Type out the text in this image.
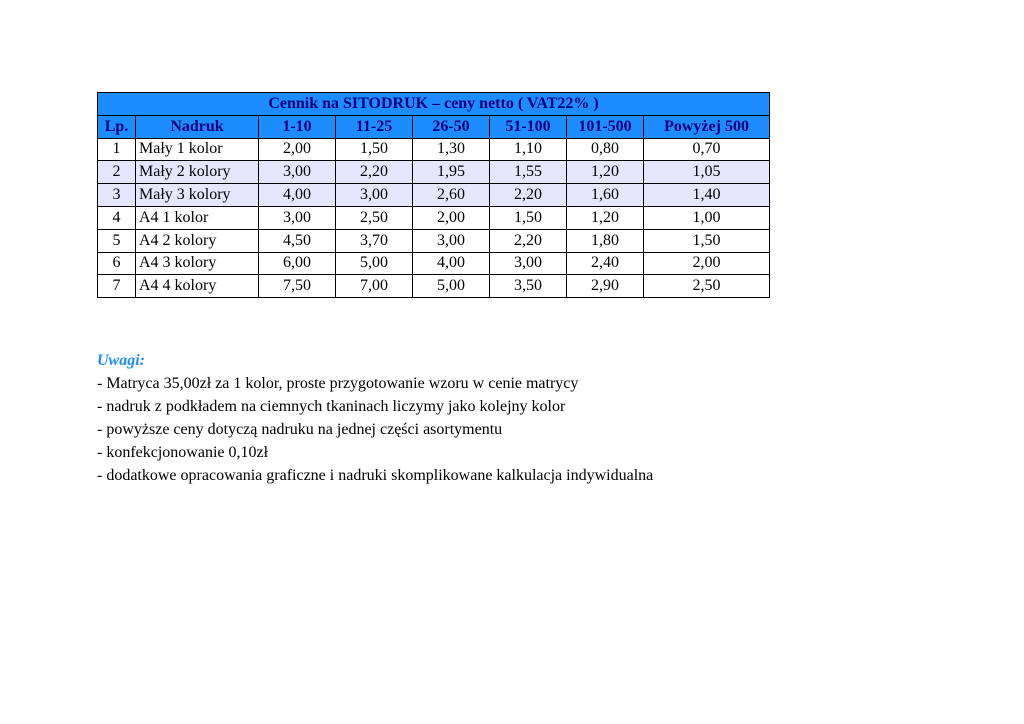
Cennik na SITODRUK – ceny netto ( VAT22% )							
Lp.	Nadruk	1-10	11-25	26-50	51-100	101-500	Powyżej 500
1	Mały 1 kolor	2,00	1,50	1,30	1,10	0,80	0,70
2	Mały 2 kolory	3,00	2,20	1,95	1,55	1,20	1,05
3	Mały 3 kolory	4,00	3,00	2,60	2,20	1,60	1,40
4	A4 1 kolor	3,00	2,50	2,00	1,50	1,20	1,00
5	A4 2 kolory	4,50	3,70	3,00	2,20	1,80	1,50
6	A4 3 kolory	6,00	5,00	4,00	3,00	2,40	2,00
7	A4 4 kolory	7,50	7,00	5,00	3,50	2,90	2,50
Uwagi:
- Matryca 35,00zł za 1 kolor, proste przygotowanie wzoru w cenie matrycy
- nadruk z podkładem na ciemnych tkaninach liczymy jako kolejny kolor
- powyższe ceny dotyczą nadruku na jednej części asortymentu
- konfekcjonowanie 0,10zł
- dodatkowe opracowania graficzne i nadruki skomplikowane kalkulacja indywidualna
